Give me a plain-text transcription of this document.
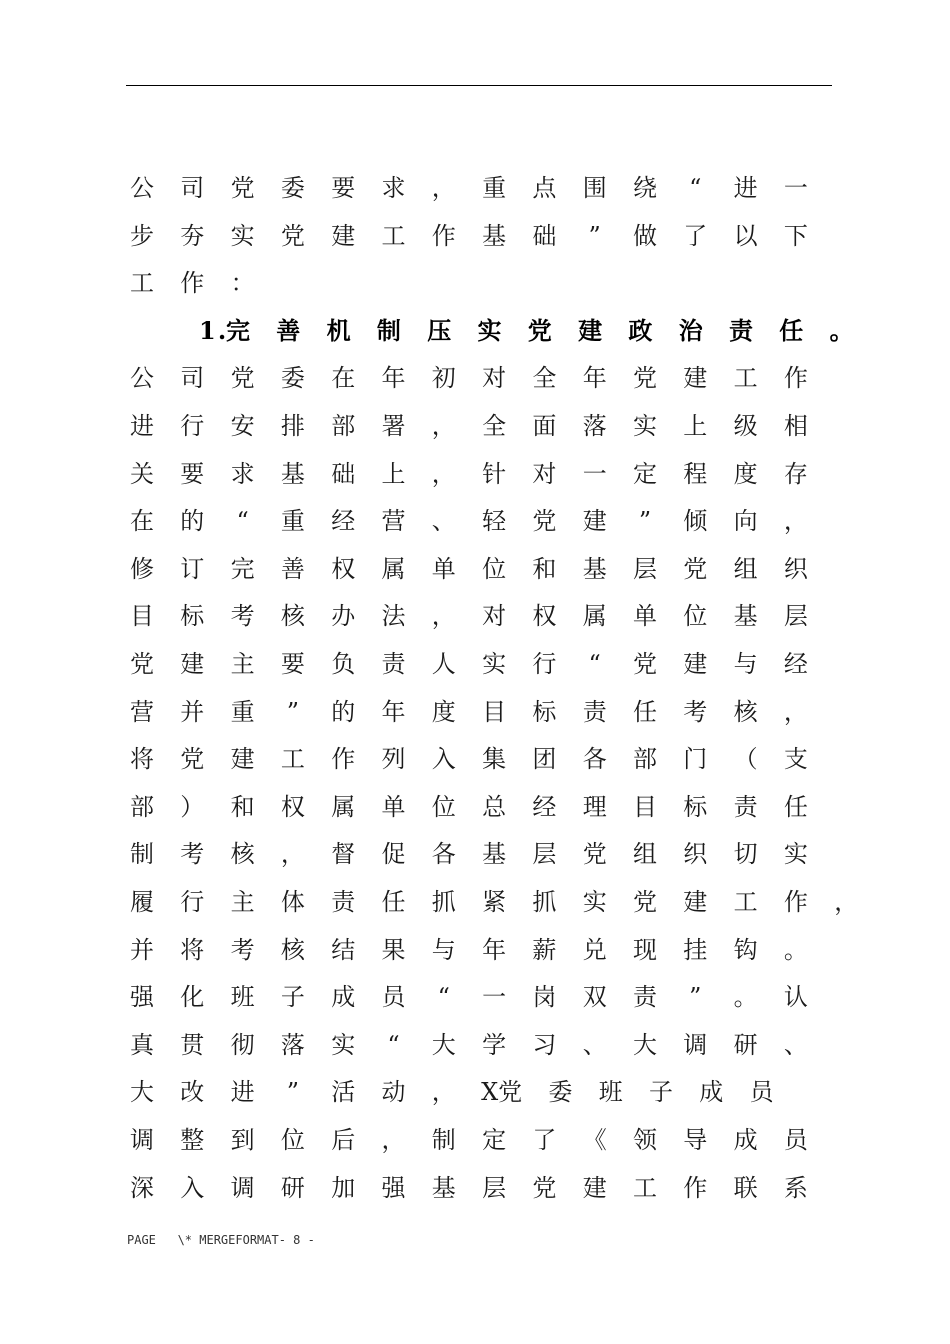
公 司 党 委 要 求 ， 重 点 围 绕 “ 进 一
步 夯 实 党 建 工 作 基 础 ” 做 了 以 下
工 作 ：
1 . 完 善 机 制 压 实 党 建 政 治 责 任 。
公 司 党 委 在 年 初 对 全 年 党 建 工 作
进 行 安 排 部 署 ， 全 面 落 实 上 级 相
关 要 求 基 础 上 ， 针 对 一 定 程 度 存
在 的 “ 重 经 营 、 轻 党 建 ” 倾 向 ，
修 订 完 善 权 属 单 位 和 基 层 党 组 织
目 标 考 核 办 法 ， 对 权 属 单 位 基 层
党 建 主 要 负 责 人 实 行 “ 党 建 与 经
营 并 重 ” 的 年 度 目 标 责 任 考 核 ，
将 党 建 工 作 列 入 集 团 各 部 门 （ 支
部 ） 和 权 属 单 位 总 经 理 目 标 责 任
制 考 核 ， 督 促 各 基 层 党 组 织 切 实
履 行 主 体 责 任 抓 紧 抓 实 党 建 工 作 ，
并 将 考 核 结 果 与 年 薪 兑 现 挂 钩 。
强 化 班 子 成 员 “ 一 岗 双 责 ” 。 认
真 贯 彻 落 实 “ 大 学 习 、 大 调 研 、
大 改 进 ” 活 动 ， X 党 委 班 子 成 员
调 整 到 位 后 ， 制 定 了 《 领 导 成 员
深 入 调 研 加 强 基 层 党 建 工 作 联 系
PAGE   \* MERGEFORMAT- 8 -
